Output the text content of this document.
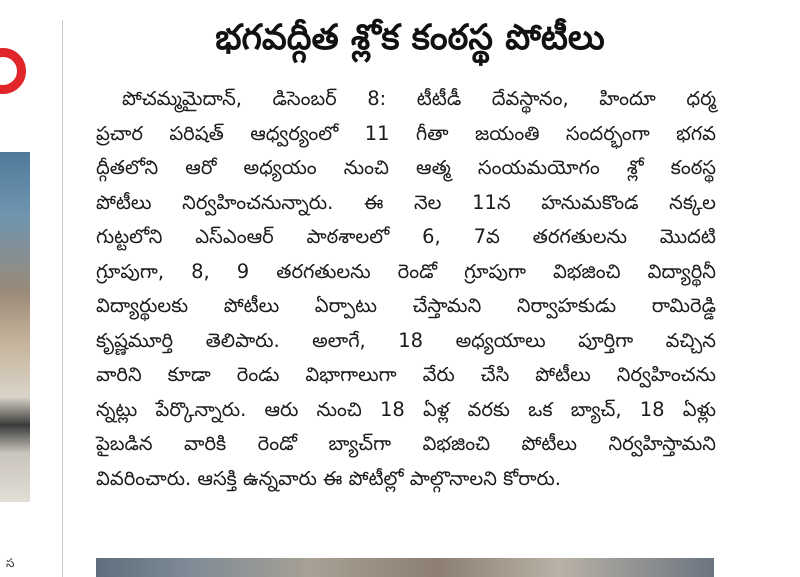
స
భగవద్గీత శ్లోక కంఠస్థ పోటీలు
పోచమ్మమైదాన్, డిసెంబర్ 8: టీటీడీ దేవస్థానం, హిందూ ధర్మ
ప్రచార పరిషత్ ఆధ్వర్యంలో 11 గీతా జయంతి సందర్భంగా భగవ
ద్గీతలోని ఆరో అధ్యయం నుంచి ఆత్మ సంయమయోగం శ్లో కంఠస్థ
పోటీలు నిర్వహించనున్నారు. ఈ నెల 11న హనుమకొండ నక్కల
గుట్టలోని ఎస్ఎంఆర్ పాఠశాలలో 6, 7వ తరగతులను మొదటి
గ్రూపుగా, 8, 9 తరగతులను రెండో గ్రూపుగా విభజించి విద్యార్థినీ
విద్యార్థులకు పోటీలు ఏర్పాటు చేస్తామని నిర్వాహకుడు రామిరెడ్డి
కృష్ణమూర్తి తెలిపారు. అలాగే, 18 అధ్యయాలు పూర్తిగా వచ్చిన
వారిని కూడా రెండు విభాగాలుగా వేరు చేసి పోటీలు నిర్వహించను
న్నట్లు పేర్కొన్నారు. ఆరు నుంచి 18 ఏళ్ల వరకు ఒక బ్యాచ్, 18 ఏళ్లు
పైబడిన వారికి రెండో బ్యాచ్‌గా విభజించి పోటీలు నిర్వహిస్తామని
వివరించారు. ఆసక్తి ఉన్నవారు ఈ పోటీల్లో పాల్గొనాలని కోరారు.
